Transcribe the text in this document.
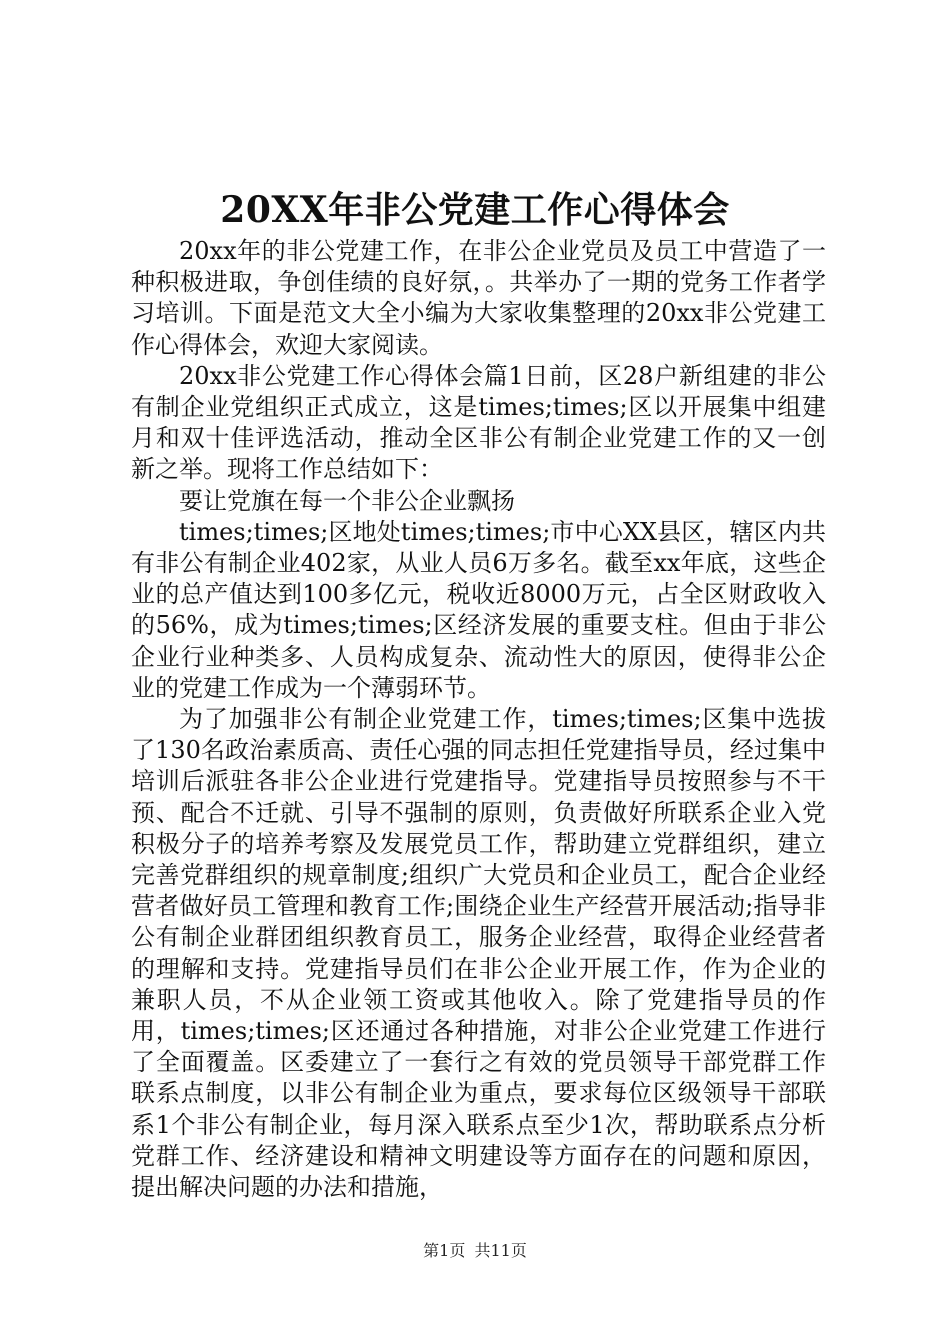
20XX年非公党建工作心得体会

20xx年的非公党建工作，在非公企业党员及员工中营造了一种积极进取，争创佳绩的良好氛，。共举办了一期的党务工作者学习培训。下面是范文大全小编为大家收集整理的20xx非公党建工作心得体会，欢迎大家阅读。

20xx非公党建工作心得体会篇1日前，区28户新组建的非公有制企业党组织正式成立，这是times;times;区以开展集中组建月和双十佳评选活动，推动全区非公有制企业党建工作的又一创新之举。现将工作总结如下：

要让党旗在每一个非公企业飘扬

times;times;区地处times;times;市中心XX县区，辖区内共有非公有制企业402家，从业人员6万多名。截至xx年底，这些企业的总产值达到100多亿元，税收近8000万元，占全区财政收入的56%，成为times;times;区经济发展的重要支柱。但由于非公企业行业种类多、人员构成复杂、流动性大的原因，使得非公企业的党建工作成为一个薄弱环节。

为了加强非公有制企业党建工作，times;times;区集中选拔了130名政治素质高、责任心强的同志担任党建指导员，经过集中培训后派驻各非公企业进行党建指导。党建指导员按照参与不干预、配合不迁就、引导不强制的原则，负责做好所联系企业入党积极分子的培养考察及发展党员工作，帮助建立党群组织，建立完善党群组织的规章制度;组织广大党员和企业员工，配合企业经营者做好员工管理和教育工作;围绕企业生产经营开展活动;指导非公有制企业群团组织教育员工，服务企业经营，取得企业经营者的理解和支持。党建指导员们在非公企业开展工作，作为企业的兼职人员，不从企业领工资或其他收入。除了党建指导员的作用，times;times;区还通过各种措施，对非公企业党建工作进行了全面覆盖。区委建立了一套行之有效的党员领导干部党群工作联系点制度，以非公有制企业为重点，要求每位区级领导干部联系1个非公有制企业，每月深入联系点至少1次，帮助联系点分析党群工作、经济建设和精神文明建设等方面存在的问题和原因，提出解决问题的办法和措施，

第1页 共11页
